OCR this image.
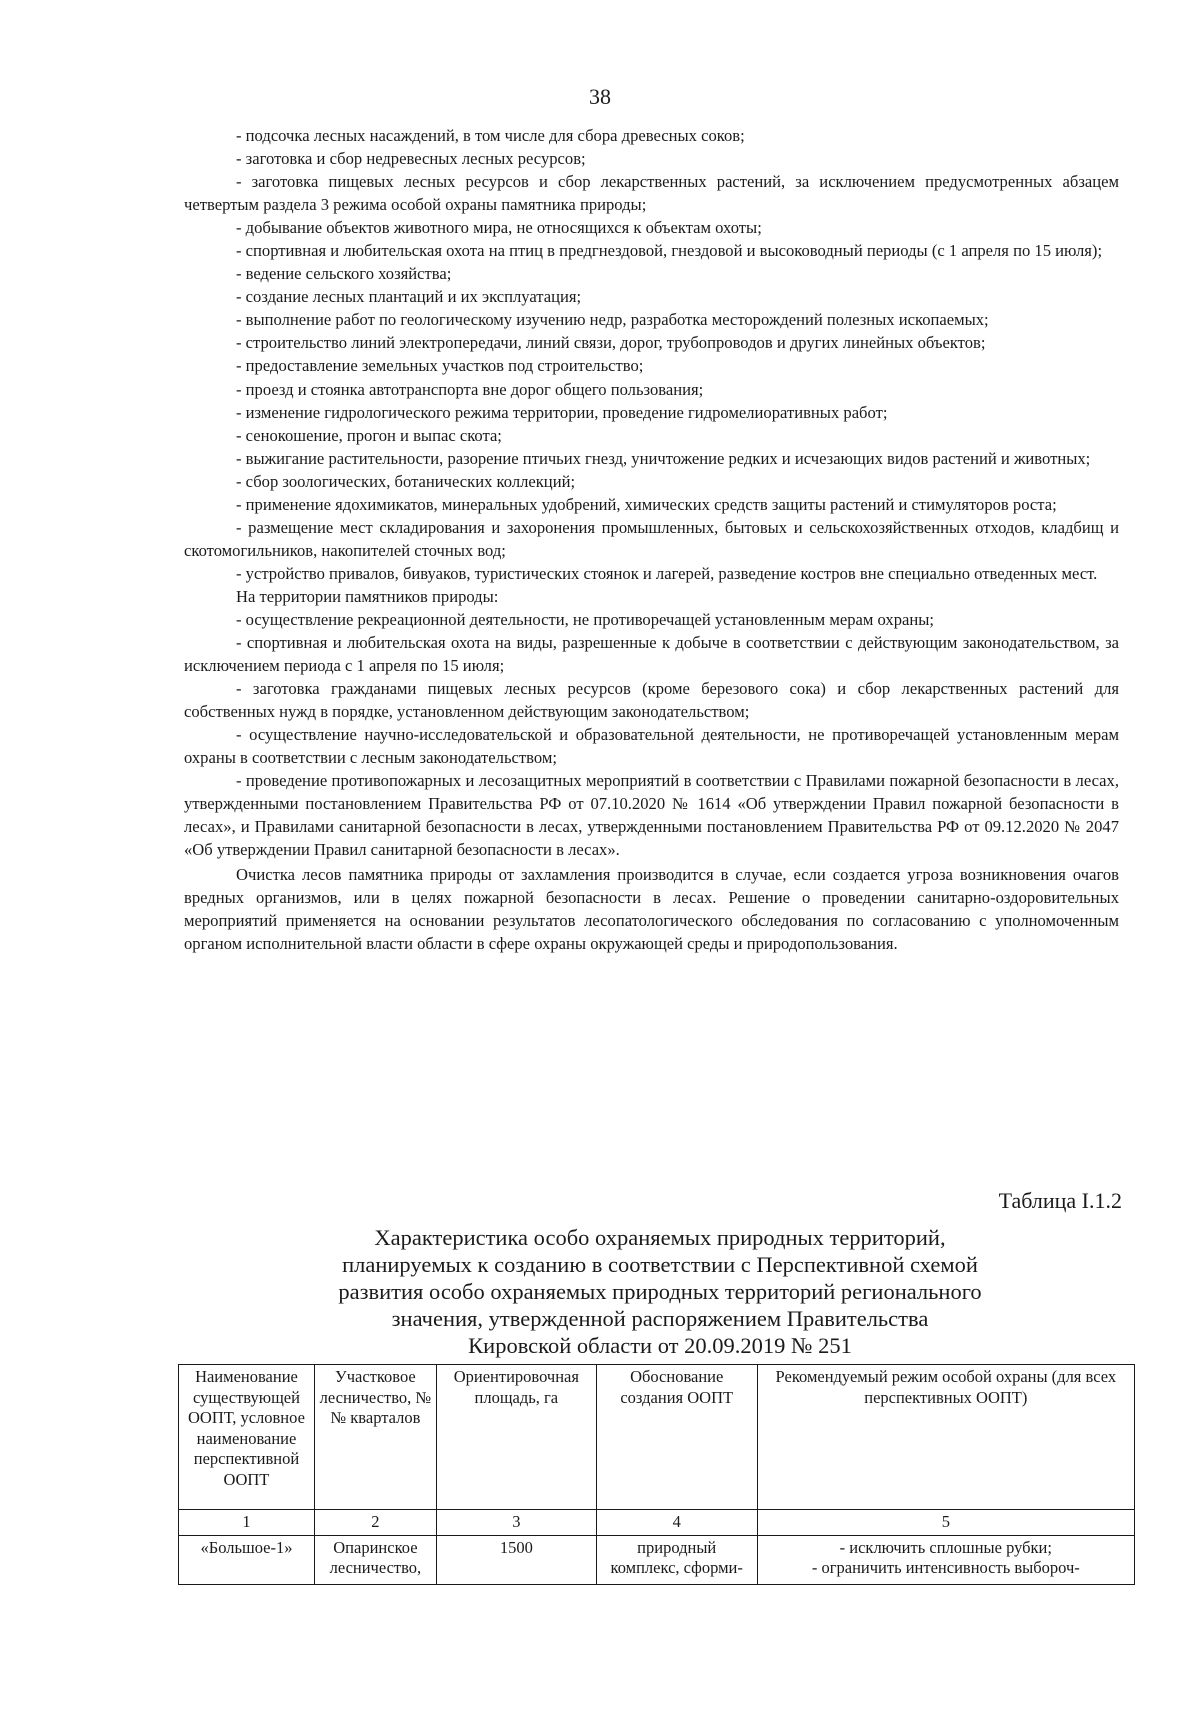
38

- подсочка лесных насаждений, в том числе для сбора древесных соков;

- заготовка и сбор недревесных лесных ресурсов;

- заготовка пищевых лесных ресурсов и сбор лекарственных растений, за исключением предусмотренных абзацем четвертым раздела 3 режима особой охраны памятника природы;

- добывание объектов животного мира, не относящихся к объектам охоты;

- спортивная и любительская охота на птиц в предгнездовой, гнездовой и высоководный периоды (с 1 апреля по 15 июля);

- ведение сельского хозяйства;

- создание лесных плантаций и их эксплуатация;

- выполнение работ по геологическому изучению недр, разработка месторождений полезных ископаемых;

- строительство линий электропередачи, линий связи, дорог, трубопроводов и других линейных объектов;

- предоставление земельных участков под строительство;

- проезд и стоянка автотранспорта вне дорог общего пользования;

- изменение гидрологического режима территории, проведение гидромелиоративных работ;

- сенокошение, прогон и выпас скота;

- выжигание растительности, разорение птичьих гнезд, уничтожение редких и исчезающих видов растений и животных;

- сбор зоологических, ботанических коллекций;

- применение ядохимикатов, минеральных удобрений, химических средств защиты растений и стимуляторов роста;

- размещение мест складирования и захоронения промышленных, бытовых и сельскохозяйственных отходов, кладбищ и скотомогильников, накопителей сточных вод;

- устройство привалов, бивуаков, туристических стоянок и лагерей, разведение костров вне специально отведенных мест.

На территории памятников природы:

- осуществление рекреационной деятельности, не противоречащей установленным мерам охраны;

- спортивная и любительская охота на виды, разрешенные к добыче в соответствии с действующим законодательством, за исключением периода с 1 апреля по 15 июля;

- заготовка гражданами пищевых лесных ресурсов (кроме березового сока) и сбор лекарственных растений для собственных нужд в порядке, установленном действующим законодательством;

- осуществление научно-исследовательской и образовательной деятельности, не противоречащей установленным мерам охраны в соответствии с лесным законодательством;

- проведение противопожарных и лесозащитных мероприятий в соответствии с Правилами пожарной безопасности в лесах, утвержденными постановлением Правительства РФ от 07.10.2020 № 1614 «Об утверждении Правил пожарной безопасности в лесах», и Правилами санитарной безопасности в лесах, утвержденными постановлением Правительства РФ от 09.12.2020 № 2047 «Об утверждении Правил санитарной безопасности в лесах».

Очистка лесов памятника природы от захламления производится в случае, если создается угроза возникновения очагов вредных организмов, или в целях пожарной безопасности в лесах. Решение о проведении санитарно-оздоровительных мероприятий применяется на основании результатов лесопатологического обследования по согласованию с уполномоченным органом исполнительной власти области в сфере охраны окружающей среды и природопользования.

Таблица I.1.2
Характеристика особо охраняемых природных территорий,
планируемых к созданию в соответствии с Перспективной схемой
развития особо охраняемых природных территорий регионального
значения, утвержденной распоряжением Правительства
Кировской области от 20.09.2019 № 251
Наименование существующей ООПТ, условное наименование перспективной ООПТ	Участковое лесничество, №№ кварталов	Ориентировочная площадь, га	Обоснование создания ООПТ	Рекомендуемый режим особой охраны (для всех перспективных ООПТ)
1	2	3	4	5
«Большое-1»	Опаринское лесничество,	1500	природный комплекс, сформи-	- исключить сплошные рубки;
- ограничить интенсивность выбороч-
